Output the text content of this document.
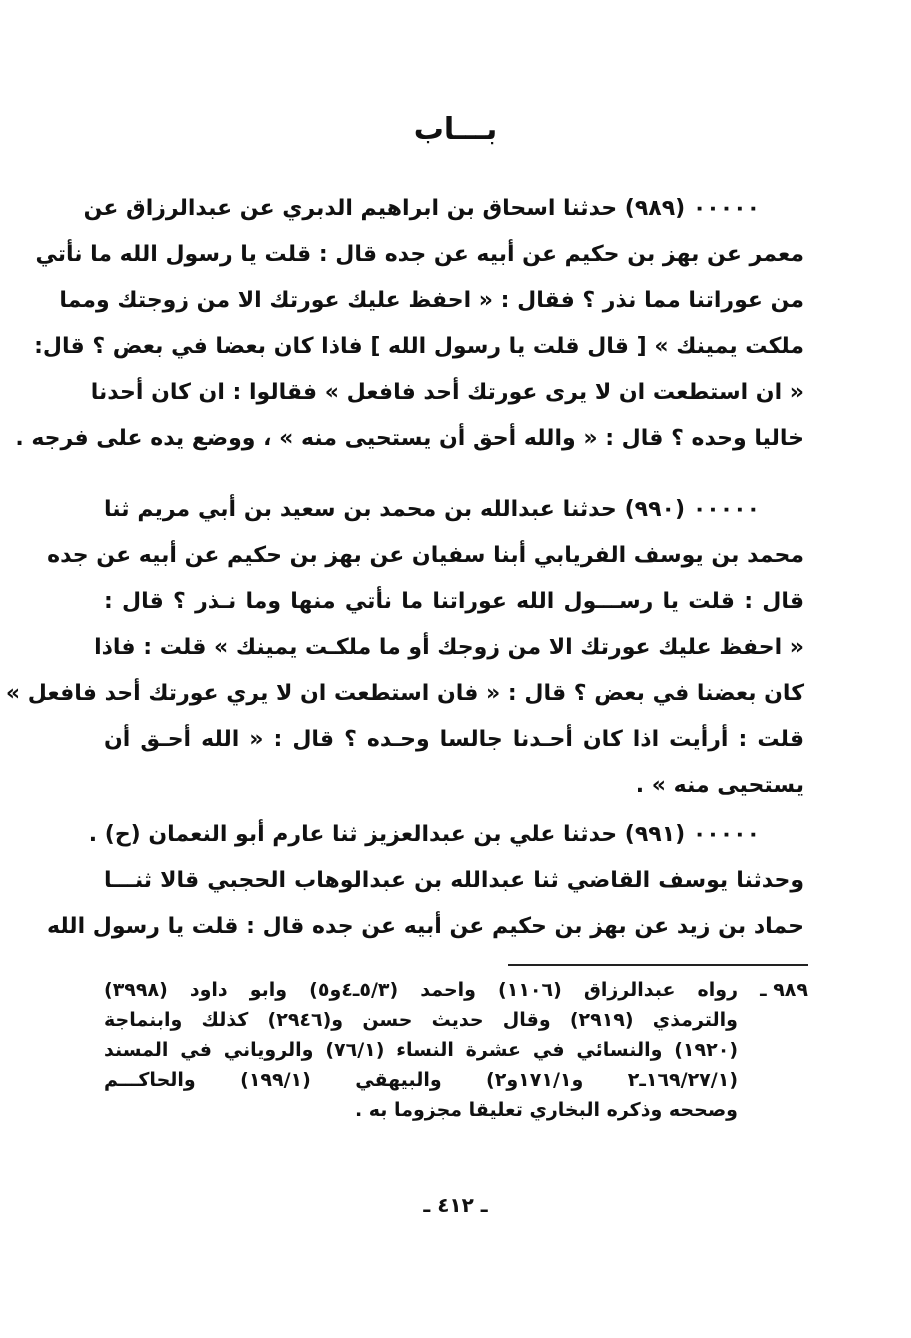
بـــاب
٠٠٠٠٠ (٩٨٩) حدثنا اسحاق بن ابراهيم الدبري عن عبدالرزاق عن
معمر عن بهز بن حكيم عن أبيه عن جده قال : قلت يا رسول الله ما نأتي
من عوراتنا مما نذر ؟ فقال : « احفظ عليك عورتك الا من زوجتك ومما
ملكت يمينك » [ قال قلت يا رسول الله ] فاذا كان بعضا في بعض ؟ قال:
« ان استطعت ان لا يرى عورتك أحد فافعل » فقالوا : ان كان أحدنا
خاليا وحده ؟ قال : « والله أحق أن يستحيى منه » ، ووضع يده على فرجه .
٠٠٠٠٠ (٩٩٠) حدثنا عبدالله بن محمد بن سعيد بن أبي مريم ثنا
محمد بن يوسف الفريابي أبنا سفيان عن بهز بن حكيم عن أبيه عن جده
قال : قلت يا رســـول الله عوراتنا ما نأتي منها وما نـذر ؟ قال :
« احفظ عليك عورتك الا من زوجك أو ما ملكـت يمينك » قلت : فاذا
كان بعضنا في بعض ؟ قال : « فان استطعت ان لا يري عورتك أحد فافعل »
قلت : أرأيت اذا كان أحـدنا جالسا وحـده ؟ قال : « الله أحـق أن
يستحيى منه » .
٠٠٠٠٠ (٩٩١) حدثنا علي بن عبدالعزيز ثنا عارم أبو النعمان (ح) .
وحدثنا يوسف القاضي ثنا عبدالله بن عبدالوهاب الحجبي قالا ثنـــا
حماد بن زيد عن بهز بن حكيم عن أبيه عن جده قال : قلت يا رسول الله
٩٨٩ ـ
رواه عبدالرزاق (١١٠٦) واحمد (٥/٣ـ٤و٥) وابو داود (٣٩٩٨)
والترمذي (٢٩١٩) وقال حديث حسن و(٢٩٤٦) كذلك وابنماجة
(١٩٢٠) والنسائي في عشرة النساء (٧٦/١) والروياني في المسند
(١٦٩/٢٧/١ـ٢ و١٧١/١و٢) والبيهقي (١٩٩/١) والحاكـــم
وصححه وذكره البخاري تعليقا مجزوما به .
ـ ٤١٢ ـ
